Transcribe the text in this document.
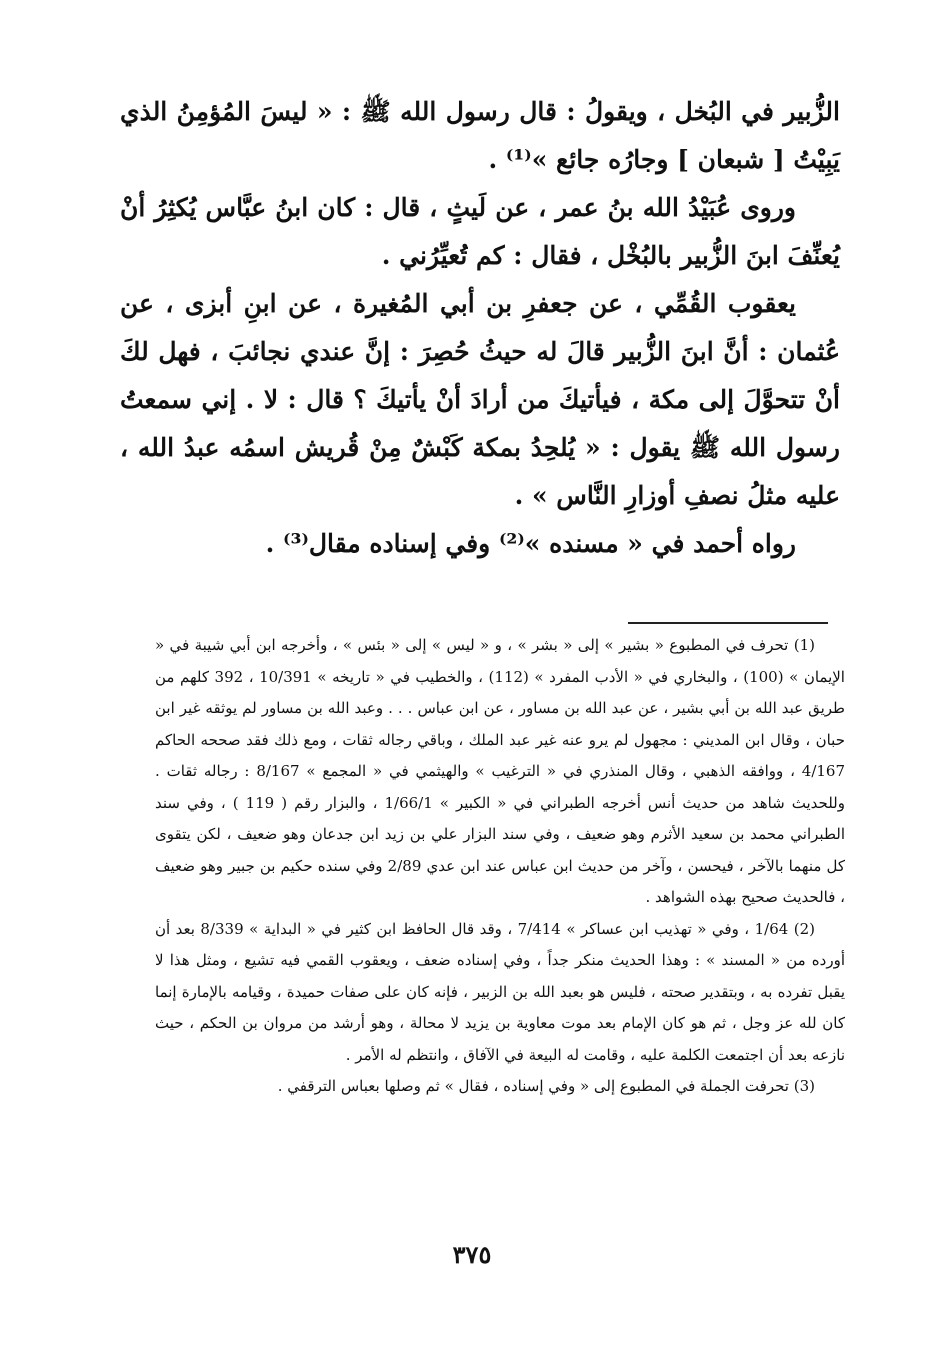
الزُّبير في البُخل ، ويقولُ : قال رسول الله ﷺ : « ليسَ المُؤمِنُ الذي يَبِيْتُ [ شبعان ] وجارُه جائع »⁽¹⁾ .

وروى عُبَيْدُ الله بنُ عمر ، عن لَيثٍ ، قال : كان ابنُ عبَّاس يُكثِرُ أنْ يُعنِّفَ ابنَ الزُّبير بالبُخْل ، فقال : كم تُعيِّرُني .

يعقوب القُمِّي ، عن جعفرِ بن أبي المُغيرة ، عن ابنِ أبزى ، عن عُثمان : أنَّ ابنَ الزُّبير قالَ له حيثُ حُصِرَ : إنَّ عندي نجائبَ ، فهل لكَ أنْ تتحوَّلَ إلى مكة ، فيأتيكَ من أرادَ أنْ يأتيكَ ؟ قال : لا . إني سمعتُ رسول الله ﷺ يقول : « يُلحِدُ بمكة كَبْشٌ مِنْ قُريش اسمُه عبدُ الله ، عليه مثلُ نصفِ أوزارِ النَّاس » .

رواه أحمد في « مسنده »⁽²⁾ وفي إسناده مقال⁽³⁾ .

(1) تحرف في المطبوع « بشير » إلى « بشر » ، و « ليس » إلى « بئس » ، وأخرجه ابن أبي شيبة في « الإيمان » (100) ، والبخاري في « الأدب المفرد » (112) ، والخطيب في « تاريخه » 10/391 ، 392 كلهم من طريق عبد الله بن أبي بشير ، عن عبد الله بن مساور ، عن ابن عباس . . . وعبد الله بن مساور لم يوثقه غير ابن حبان ، وقال ابن المديني : مجهول لم يرو عنه غير عبد الملك ، وباقي رجاله ثقات ، ومع ذلك فقد صححه الحاكم 4/167 ، ووافقه الذهبي ، وقال المنذري في « الترغيب » والهيثمي في « المجمع » 8/167 : رجاله ثقات . وللحديث شاهد من حديث أنس أخرجه الطبراني في « الكبير » 1/66/1 ، والبزار رقم ( 119 ) ، وفي سند الطبراني محمد بن سعيد الأثرم وهو ضعيف ، وفي سند البزار علي بن زيد ابن جدعان وهو ضعيف ، لكن يتقوى كل منهما بالآخر ، فيحسن ، وآخر من حديث ابن عباس عند ابن عدي 2/89 وفي سنده حكيم بن جبير وهو ضعيف ، فالحديث صحيح بهذه الشواهد .

(2) 1/64 ، وفي « تهذيب ابن عساكر » 7/414 ، وقد قال الحافظ ابن كثير في « البداية » 8/339 بعد أن أورده من « المسند » : وهذا الحديث منكر جداً ، وفي إسناده ضعف ، ويعقوب القمي فيه تشيع ، ومثل هذا لا يقبل تفرده به ، وبتقدير صحته ، فليس هو بعبد الله بن الزبير ، فإنه كان على صفات حميدة ، وقيامه بالإمارة إنما كان لله عز وجل ، ثم هو كان الإمام بعد موت معاوية بن يزيد لا محالة ، وهو أرشد من مروان بن الحكم ، حيث نازعه بعد أن اجتمعت الكلمة عليه ، وقامت له البيعة في الآفاق ، وانتظم له الأمر .

(3) تحرفت الجملة في المطبوع إلى « وفي إسناده ، فقال » ثم وصلها بعباس الترقفي .

٣٧٥
